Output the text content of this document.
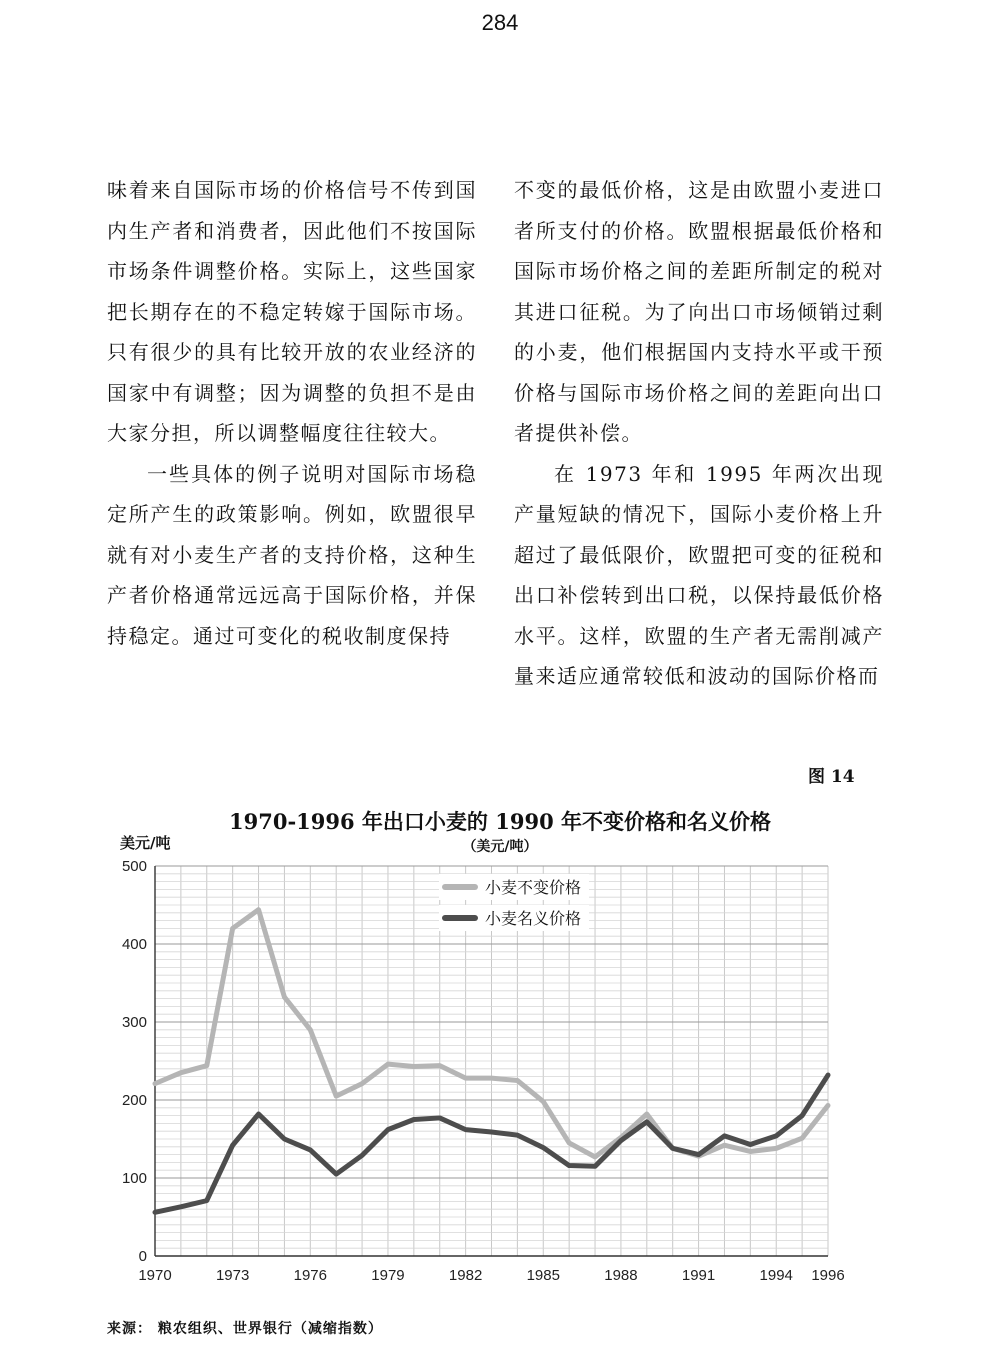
284

味着来自国际市场的价格信号不传到国内生产者和消费者，因此他们不按国际市场条件调整价格。实际上，这些国家把长期存在的不稳定转嫁于国际市场。只有很少的具有比较开放的农业经济的国家中有调整；因为调整的负担不是由大家分担，所以调整幅度往往较大。

一些具体的例子说明对国际市场稳定所产生的政策影响。例如，欧盟很早就有对小麦生产者的支持价格，这种生产者价格通常远远高于国际价格，并保持稳定。通过可变化的税收制度保持

不变的最低价格，这是由欧盟小麦进口者所支付的价格。欧盟根据最低价格和国际市场价格之间的差距所制定的税对其进口征税。为了向出口市场倾销过剩的小麦，他们根据国内支持水平或干预价格与国际市场价格之间的差距向出口者提供补偿。

在 1973 年和 1995 年两次出现产量短缺的情况下，国际小麦价格上升超过了最低限价，欧盟把可变的征税和出口补偿转到出口税，以保持最低价格水平。这样，欧盟的生产者无需削减产量来适应通常较低和波动的国际价格而

图 14
1970-1996 年出口小麦的 1990 年不变价格和名义价格
（美元/吨）
美元/吨
0
100
200
300
400
500
1970	1973	1976	1979	1982	1985	1988	1991	1994 1996
小麦不变价格
小麦名义价格
来源： 粮农组织、世界银行（减缩指数）
